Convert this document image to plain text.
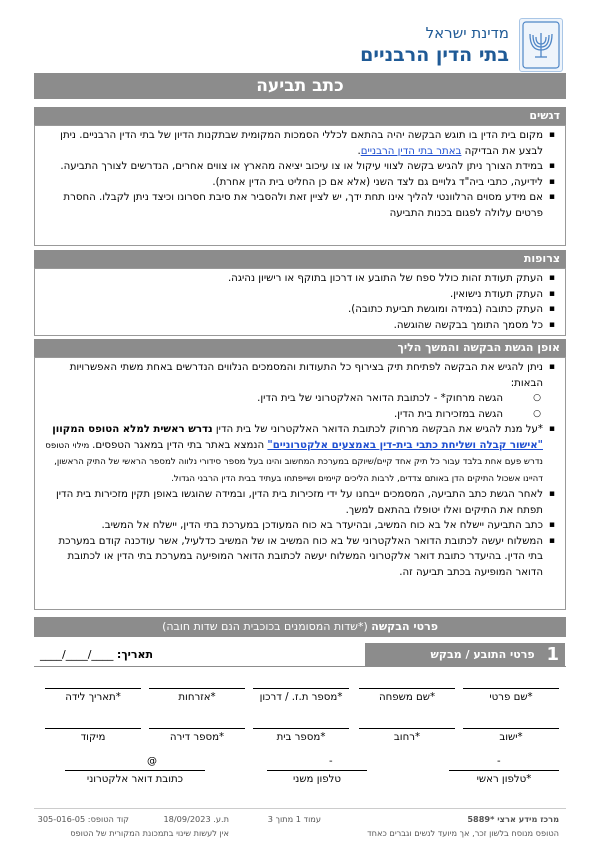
מדינת ישראל
בתי הדין הרבניים
כתב תביעה
דגשים
▪ מקום בית הדין בו תוגש הבקשה יהיה בהתאם לכללי הסמכות המקומית שבתקנות הדיון של בתי הדין הרבניים. ניתן לבצע את הבדיקה באתר בתי הדין הרבניים.
▪ במידת הצורך ניתן להגיש בקשה לצווי עיקול או צו עיכוב יציאה מהארץ או צווים אחרים, הנדרשים לצורך התביעה.
▪ לידיעה, כתבי ביה"ד גלויים גם לצד השני (אלא אם כן החליט בית הדין אחרת).
▪ אם מידע מסוים הרלוונטי להליך אינו תחת ידך, יש לציין זאת ולהסביר את סיבת חסרונו וכיצד ניתן לקבלו. החסרת פרטים עלולה לפגום בכנות התביעה
צרופות
▪ העתק תעודת זהות כולל ספח של התובע או דרכון בתוקף או רישיון נהיגה.
▪ העתק תעודת נישואין.
▪ העתק כתובה (במידה ומוגשת תביעת כתובה).
▪ כל מסמך התומך בבקשה שהוגשה.
אופן הגשת הבקשה והמשך הליך
▪ ניתן להגיש את הבקשה לפתיחת תיק בצירוף כל התעודות והמסמכים הנלווים הנדרשים באחת משתי האפשרויות הבאות:
○ הגשה מרחוק* - לכתובת הדואר האלקטרוני של בית הדין.
○ הגשה במזכירות בית הדין.
▪ *על מנת להגיש את הבקשה מרחוק לכתובת הדואר האלקטרוני של בית הדין נדרש ראשית למלא הטופס המקוון "אישור קבלה ושליחת כתבי בית-דין באמצעים אלקטרוניים" הנמצא באתר בתי הדין במאגר הטפסים. מילוי הטופס נדרש פעם אחת בלבד עבור כל תיק אחד קיים/שיוקם במערכת המחשוב והינו בעל מספר סידורי נלווה למספר הראשי של התיק הראשון, דהיינו אשכול התיקים הדן באותם צדדים, לרבות הליכים קיימים ושייפתחו בעתיד בבית הדין הרבני הגדול.
▪ לאחר הגשת כתב התביעה, המסמכים ייבחנו על ידי מזכירות בית הדין, ובמידה שהוגשו באופן תקין מזכירות בית הדין תפתח את התיקים ואלו יטופלו בהתאם למשך.
▪ כתב התביעה יישלח אל בא כוח המשיב, ובהיעדר בא כוח המעודכן במערכת בתי הדין, יישלח אל המשיב.
▪ המשלוח יעשה לכתובת הדואר האלקטרוני של בא כוח המשיב או של המשיב כדלעיל, אשר עודכנה קודם במערכת בתי הדין. בהיעדר כתובת דואר אלקטרוני המשלוח יעשה לכתובת הדואר המופיעה במערכת בתי הדין או לכתובת הדואר המופיעה בכתב תביעה זה.
פרטי הבקשה (*שדות המסומנים בכוכבית הנם שדות חובה)
1 פרטי התובע / מבקש
תאריך: ____/____/____
*שם פרטי
*שם משפחה
*מספר ת.ז. / דרכון
*אזרחות
*תאריך לידה
*ישוב
*רחוב
*מספר בית
*מספר דירה
מיקוד
-
*טלפון ראשי
-
טלפון משני
@
כתובת דואר אלקטרוני
מרכז מידע ארצי *5889
עמוד 1 מתוך 3
ת.ע. 18/09/2023
קוד הטופס: 305-016-05
הטופס מנוסח בלשון זכר, אך מיועד לנשים וגברים כאחד
אין לעשות שינוי בתמכונת המקורית של הטופס
